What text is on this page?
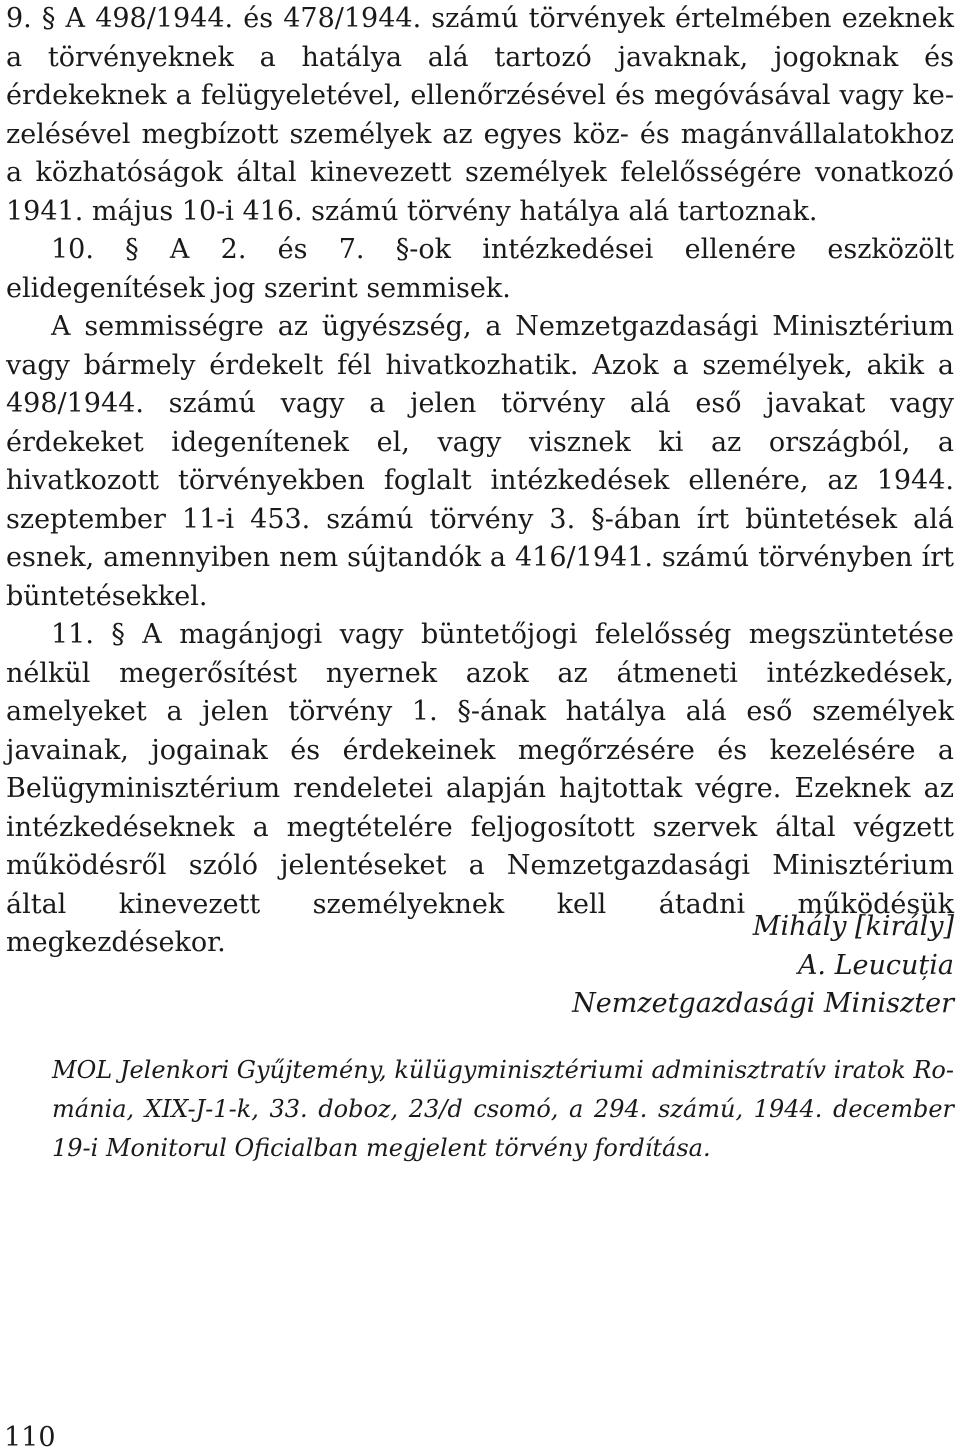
9. § A 498/1944. és 478/1944. számú törvények értelmében ezeknek a törvényeknek a hatálya alá tartozó javaknak, jogoknak és érdekeknek a felügyeletével, ellenőrzésével és megóvásával vagy kezelésével megbízott személyek az egyes köz- és magánvállalatokhoz a közhatóságok által kinevezett személyek felelősségére vonatkozó 1941. május 10-i 416. számú törvény hatálya alá tartoznak.

10. § A 2. és 7. §-ok intézkedései ellenére eszközölt elidegenítések jog szerint semmisek.

A semmisségre az ügyészség, a Nemzetgazdasági Minisztérium vagy bármely érdekelt fél hivatkozhatik. Azok a személyek, akik a 498/1944. számú vagy a jelen törvény alá eső javakat vagy érdekeket idegenítenek el, vagy visznek ki az országból, a hivatkozott törvényekben foglalt intézkedések ellenére, az 1944. szeptember 11-i 453. számú törvény 3. §-ában írt büntetések alá esnek, amennyiben nem sújtandók a 416/1941. számú törvényben írt büntetésekkel.

11. § A magánjogi vagy büntetőjogi felelősség megszüntetése nélkül megerősítést nyernek azok az átmeneti intézkedések, amelyeket a jelen törvény 1. §-ának hatálya alá eső személyek javainak, jogainak és érdekeinek megőrzésére és kezelésére a Belügyminisztérium rendeletei alapján hajtottak végre. Ezeknek az intézkedéseknek a megtételére feljogosított szervek által végzett működésről szóló jelentéseket a Nemzetgazdasági Minisztérium által kinevezett személyeknek kell átadni működésük megkezdésekor.

Mihály [király]
A. Leucuția
Nemzetgazdasági Miniszter
MOL Jelenkori Gyűjtemény, külügyminisztériumi adminisztratív iratok Románia, XIX-J-1-k, 33. doboz, 23/d csomó, a 294. számú, 1944. december 19-i Monitorul Oficialban megjelent törvény fordítása.
110
